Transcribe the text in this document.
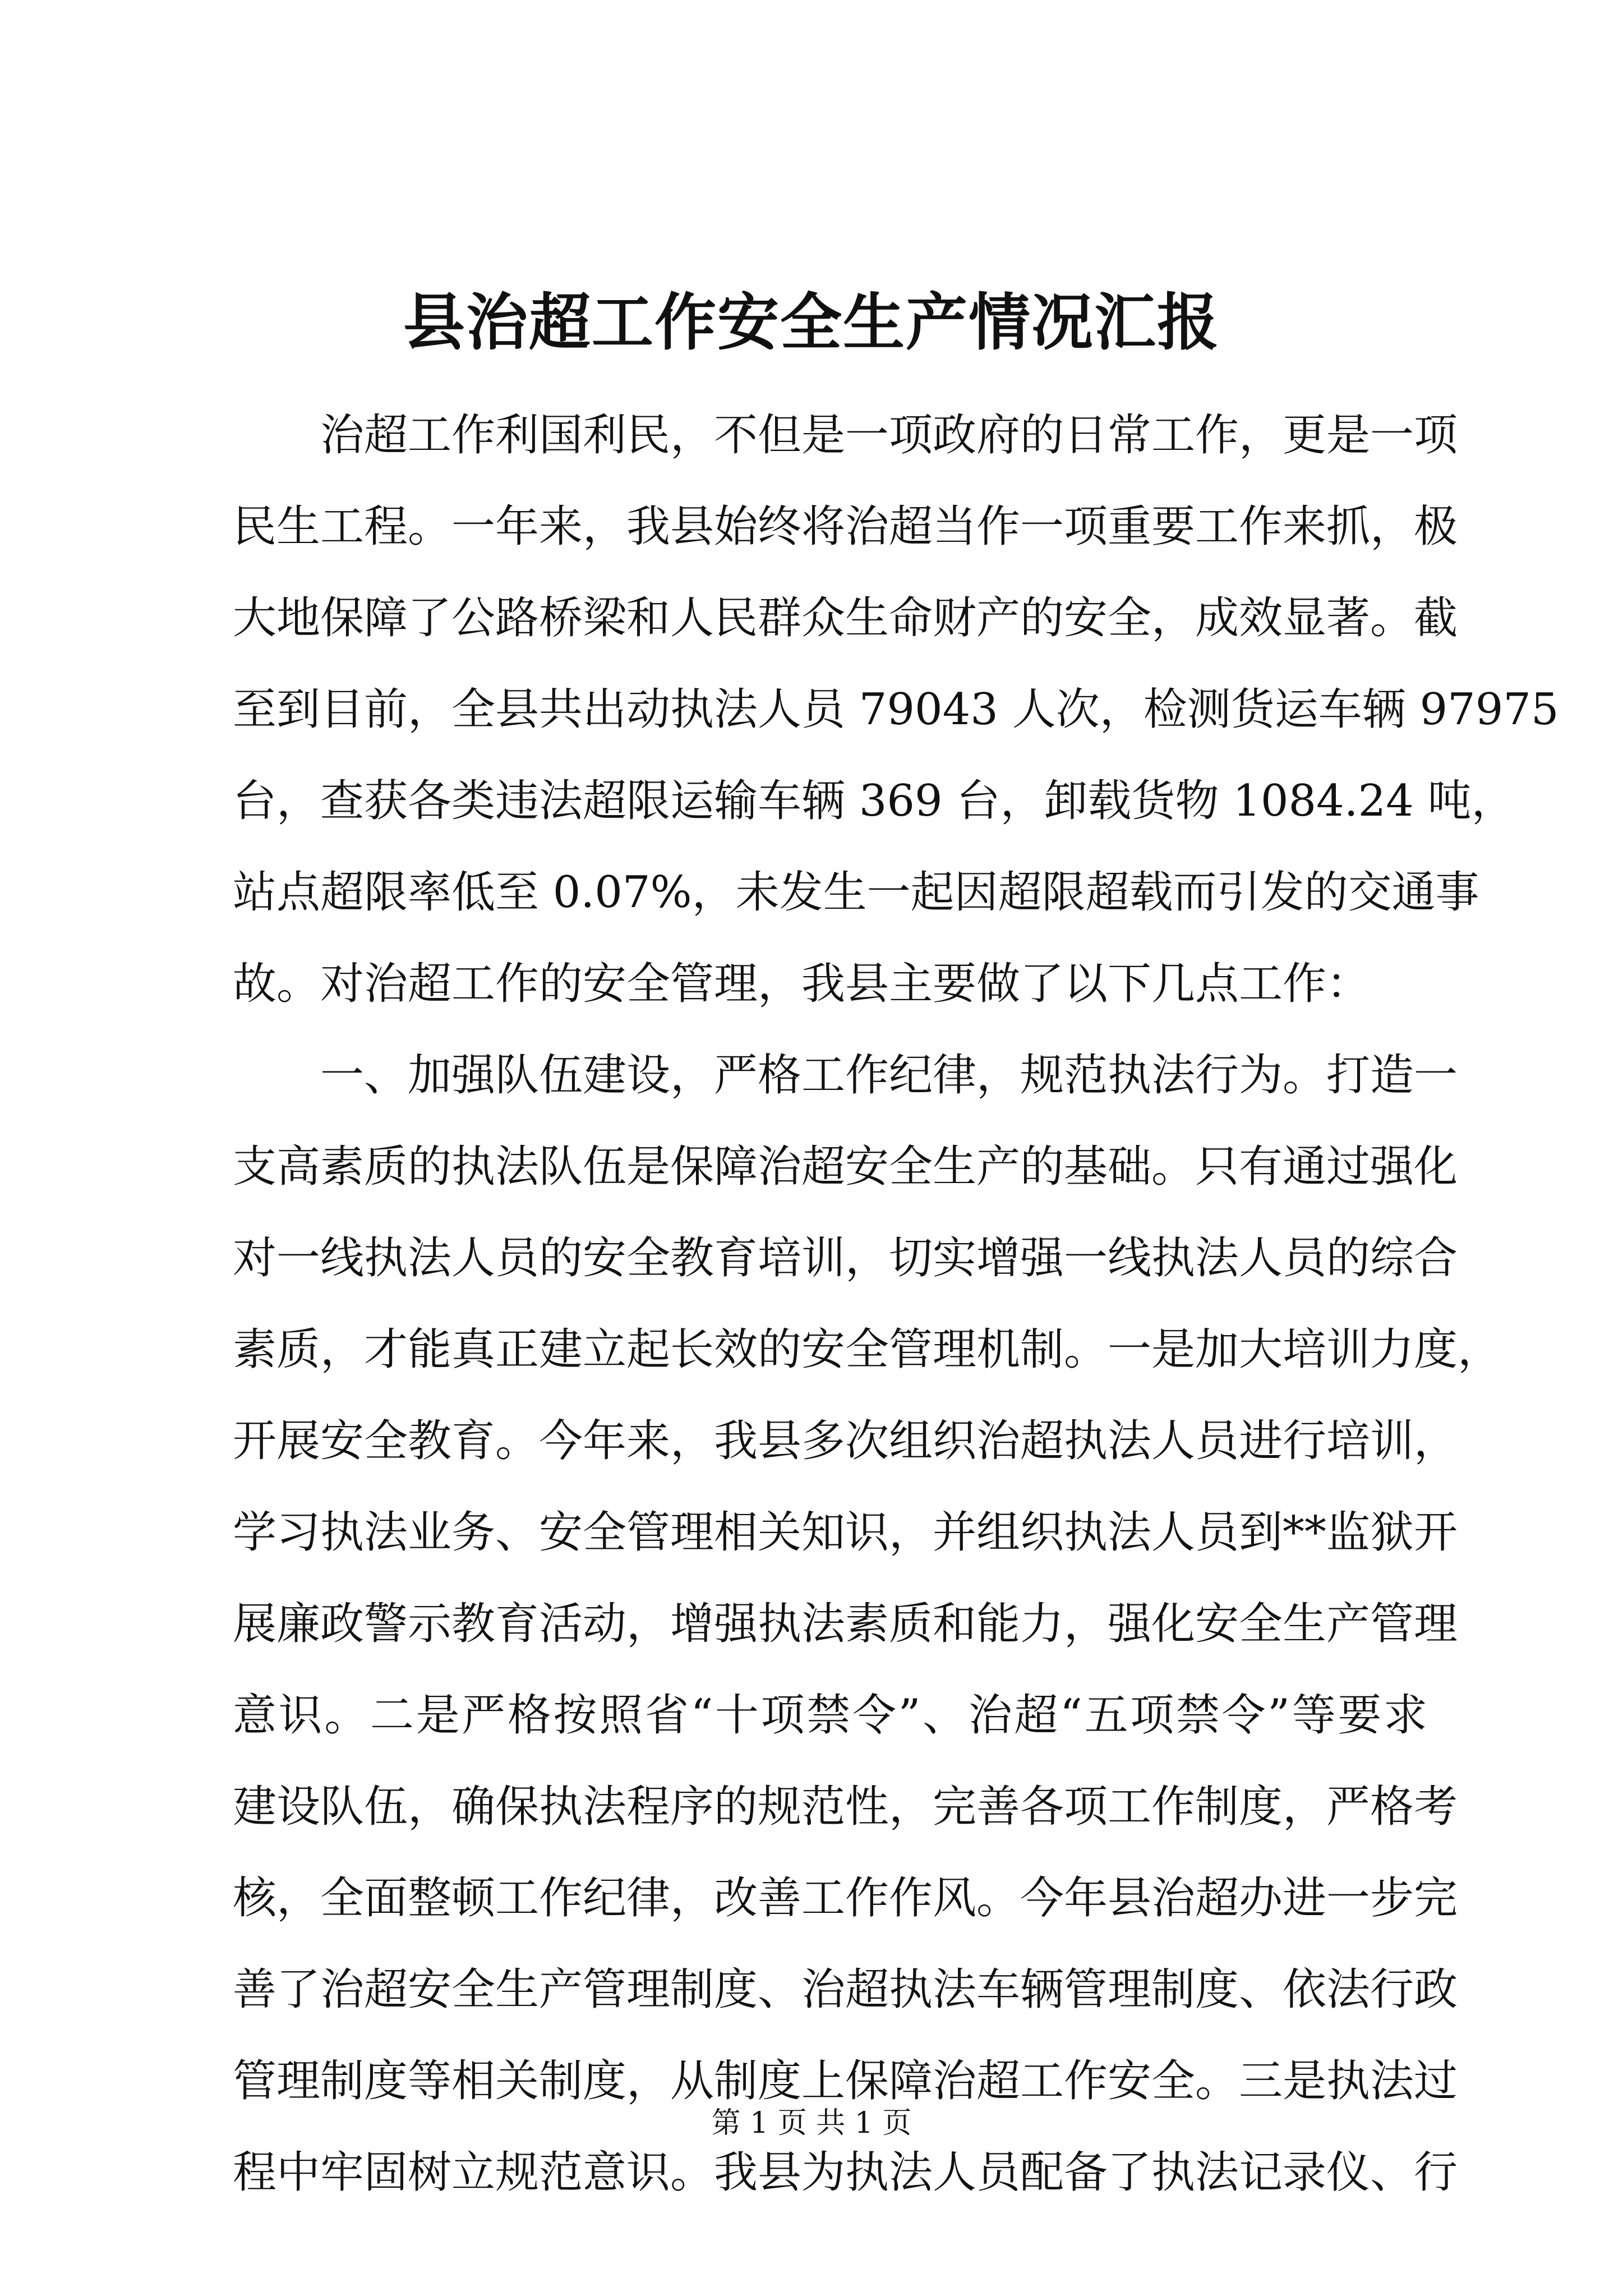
县治超工作安全生产情况汇报
　　治超工作利国利民，不但是一项政府的日常工作，更是一项
民生工程。一年来，我县始终将治超当作一项重要工作来抓，极
大地保障了公路桥梁和人民群众生命财产的安全，成效显著。截
至到目前，全县共出动执法人员 79043 人次，检测货运车辆 97975
台，查获各类违法超限运输车辆 369 台，卸载货物 1084.24 吨，
站点超限率低至 0.07%，未发生一起因超限超载而引发的交通事
故。对治超工作的安全管理，我县主要做了以下几点工作：
　　一、加强队伍建设，严格工作纪律，规范执法行为。打造一
支高素质的执法队伍是保障治超安全生产的基础。只有通过强化
对一线执法人员的安全教育培训，切实增强一线执法人员的综合
素质，才能真正建立起长效的安全管理机制。一是加大培训力度，
开展安全教育。今年来，我县多次组织治超执法人员进行培训，
学习执法业务、安全管理相关知识，并组织执法人员到**监狱开
展廉政警示教育活动，增强执法素质和能力，强化安全生产管理
意识。二是严格按照省“十项禁令”、治超“五项禁令”等要求
建设队伍，确保执法程序的规范性，完善各项工作制度，严格考
核，全面整顿工作纪律，改善工作作风。今年县治超办进一步完
善了治超安全生产管理制度、治超执法车辆管理制度、依法行政
管理制度等相关制度，从制度上保障治超工作安全。三是执法过
程中牢固树立规范意识。我县为执法人员配备了执法记录仪、行
第 1 页 共 1 页
